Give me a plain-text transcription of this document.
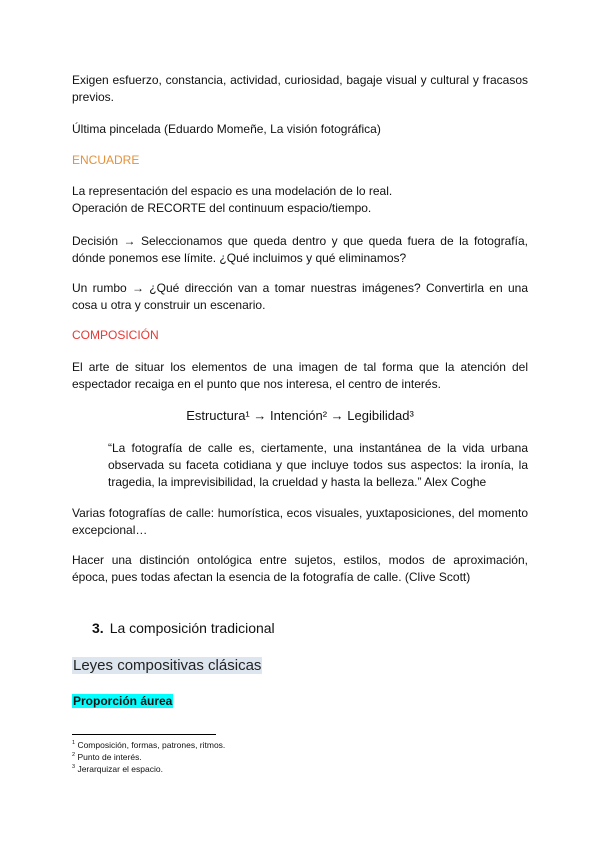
Exigen esfuerzo, constancia, actividad, curiosidad, bagaje visual y cultural y fracasos previos.

Última pincelada (Eduardo Momeñe, La visión fotográfica)

ENCUADRE

La representación del espacio es una modelación de lo real.

Operación de RECORTE del continuum espacio/tiempo.

Decisión → Seleccionamos que queda dentro y que queda fuera de la fotografía, dónde ponemos ese límite. ¿Qué incluimos y qué eliminamos?

Un rumbo → ¿Qué dirección van a tomar nuestras imágenes? Convertirla en una cosa u otra y construir un escenario.

COMPOSICIÓN

El arte de situar los elementos de una imagen de tal forma que la atención del espectador recaiga en el punto que nos interesa, el centro de interés.

Estructura¹ → Intención² → Legibilidad³

“La fotografía de calle es, ciertamente, una instantánea de la vida urbana observada su faceta cotidiana y que incluye todos sus aspectos: la ironía, la tragedia, la imprevisibilidad, la crueldad y hasta la belleza.” Alex Coghe

Varias fotografías de calle: humorística, ecos visuales, yuxtaposiciones, del momento excepcional…

Hacer una distinción ontológica entre sujetos, estilos, modos de aproximación, época, pues todas afectan la esencia de la fotografía de calle. (Clive Scott)

3. La composición tradicional

Leyes compositivas clásicas

Proporción áurea

$^1$ Composición, formas, patrones, ritmos.

$^2$ Punto de interés.

$^3$ Jerarquizar el espacio.
